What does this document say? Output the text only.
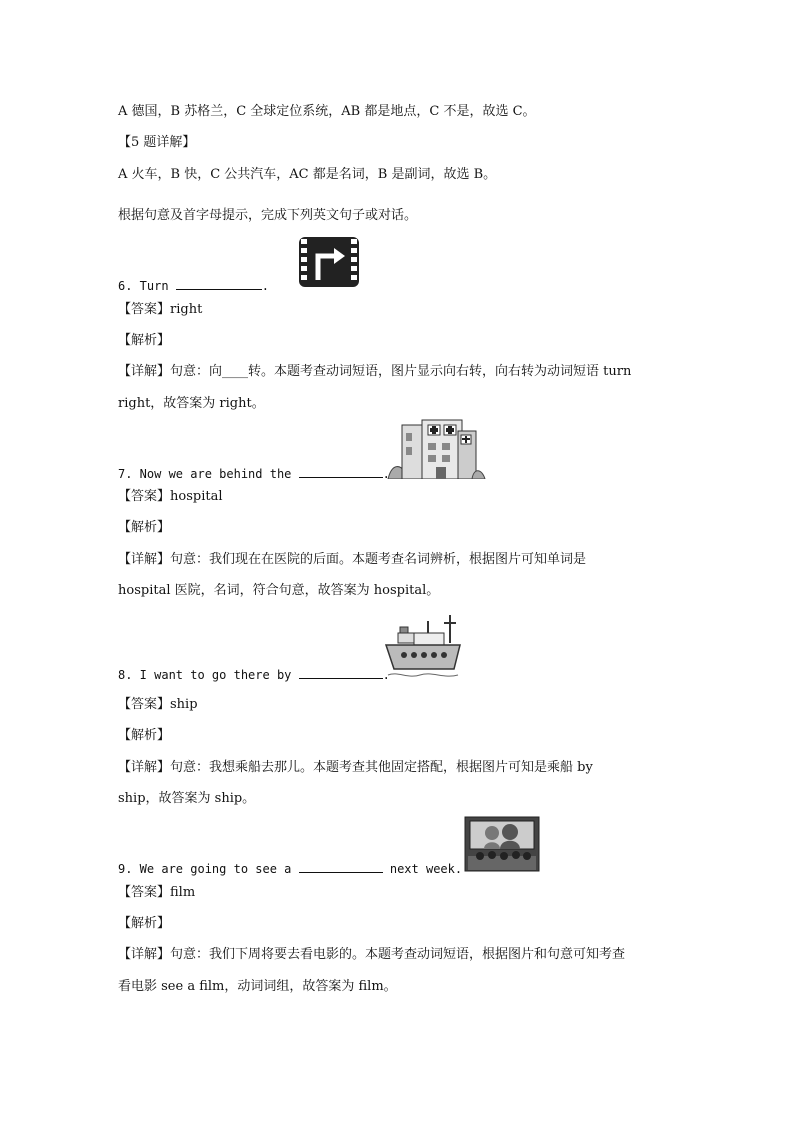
A 德国，B 苏格兰，C 全球定位系统，AB 都是地点，C 不是，故选 C。
【5 题详解】
A 火车，B 快，C 公共汽车，AC 都是名词，B 是副词，故选 B。
根据句意及首字母提示，完成下列英文句子或对话。
6. Turn	.
【答案】right
【解析】
【详解】句意：向____转。本题考查动词短语，图片显示向右转，向右转为动词短语 turn
right，故答案为 right。
7. Now we are behind the	.
【答案】hospital
【解析】
【详解】句意：我们现在在医院的后面。本题考查名词辨析，根据图片可知单词是
hospital 医院，名词，符合句意，故答案为 hospital。
8. I want to go there by	.
【答案】ship
【解析】
【详解】句意：我想乘船去那儿。本题考查其他固定搭配，根据图片可知是乘船 by
ship，故答案为 ship。
9. We are going to see a	next week.
【答案】film
【解析】
【详解】句意：我们下周将要去看电影的。本题考查动词短语，根据图片和句意可知考查
看电影 see a film，动词词组，故答案为 film。
